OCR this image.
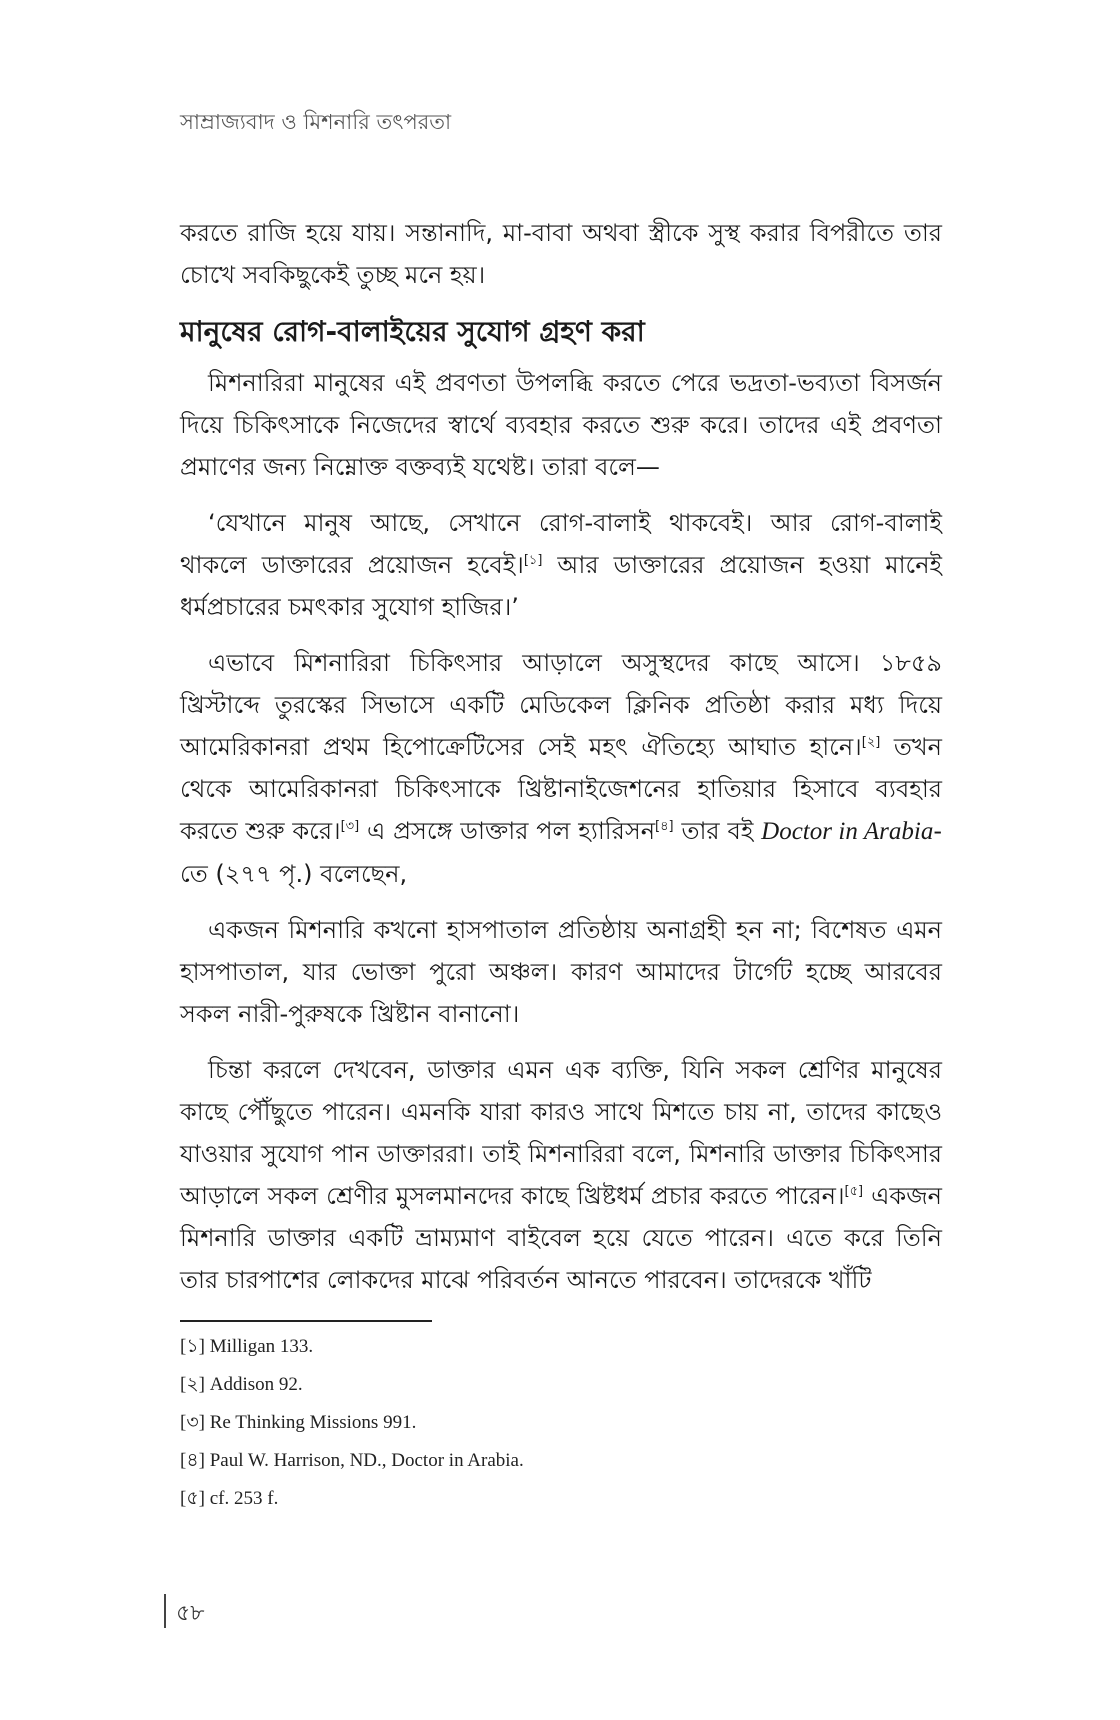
সাম্রাজ্যবাদ ও মিশনারি তৎপরতা

করতে রাজি হয়ে যায়। সন্তানাদি, মা-বাবা অথবা স্ত্রীকে সুস্থ করার বিপরীতে তার চোখে সবকিছুকেই তুচ্ছ মনে হয়।

মানুষের রোগ-বালাইয়ের সুযোগ গ্রহণ করা

মিশনারিরা মানুষের এই প্রবণতা উপলব্ধি করতে পেরে ভদ্রতা-ভব্যতা বিসর্জন দিয়ে চিকিৎসাকে নিজেদের স্বার্থে ব্যবহার করতে শুরু করে। তাদের এই প্রবণতা প্রমাণের জন্য নিম্নোক্ত বক্তব্যই যথেষ্ট। তারা বলে—

‘যেখানে মানুষ আছে, সেখানে রোগ-বালাই থাকবেই। আর রোগ-বালাই থাকলে ডাক্তারের প্রয়োজন হবেই।[১] আর ডাক্তারের প্রয়োজন হওয়া মানেই ধর্মপ্রচারের চমৎকার সুযোগ হাজির।’

এভাবে মিশনারিরা চিকিৎসার আড়ালে অসুস্থদের কাছে আসে। ১৮৫৯ খ্রিস্টাব্দে তুরস্কের সিভাসে একটি মেডিকেল ক্লিনিক প্রতিষ্ঠা করার মধ্য দিয়ে আমেরিকানরা প্রথম হিপোক্রেটিসের সেই মহৎ ঐতিহ্যে আঘাত হানে।[২] তখন থেকে আমেরিকানরা চিকিৎসাকে খ্রিষ্টানাইজেশনের হাতিয়ার হিসাবে ব্যবহার করতে শুরু করে।[৩] এ প্রসঙ্গে ডাক্তার পল হ্যারিসন[৪] তার বই Doctor in Arabia-তে (২৭৭ পৃ.) বলেছেন,

একজন মিশনারি কখনো হাসপাতাল প্রতিষ্ঠায় অনাগ্রহী হন না; বিশেষত এমন হাসপাতাল, যার ভোক্তা পুরো অঞ্চল। কারণ আমাদের টার্গেট হচ্ছে আরবের সকল নারী-পুরুষকে খ্রিষ্টান বানানো।

চিন্তা করলে দেখবেন, ডাক্তার এমন এক ব্যক্তি, যিনি সকল শ্রেণির মানুষের কাছে পৌঁছুতে পারেন। এমনকি যারা কারও সাথে মিশতে চায় না, তাদের কাছেও যাওয়ার সুযোগ পান ডাক্তাররা। তাই মিশনারিরা বলে, মিশনারি ডাক্তার চিকিৎসার আড়ালে সকল শ্রেণীর মুসলমানদের কাছে খ্রিষ্টধর্ম প্রচার করতে পারেন।[৫] একজন মিশনারি ডাক্তার একটি ভ্রাম্যমাণ বাইবেল হয়ে যেতে পারেন। এতে করে তিনি তার চারপাশের লোকদের মাঝে পরিবর্তন আনতে পারবেন। তাদেরকে খাঁটি

[১] Milligan 133.
[২] Addison 92.
[৩] Re Thinking Missions 991.
[৪] Paul W. Harrison, ND., Doctor in Arabia.
[৫] cf. 253 f.
৫৮
